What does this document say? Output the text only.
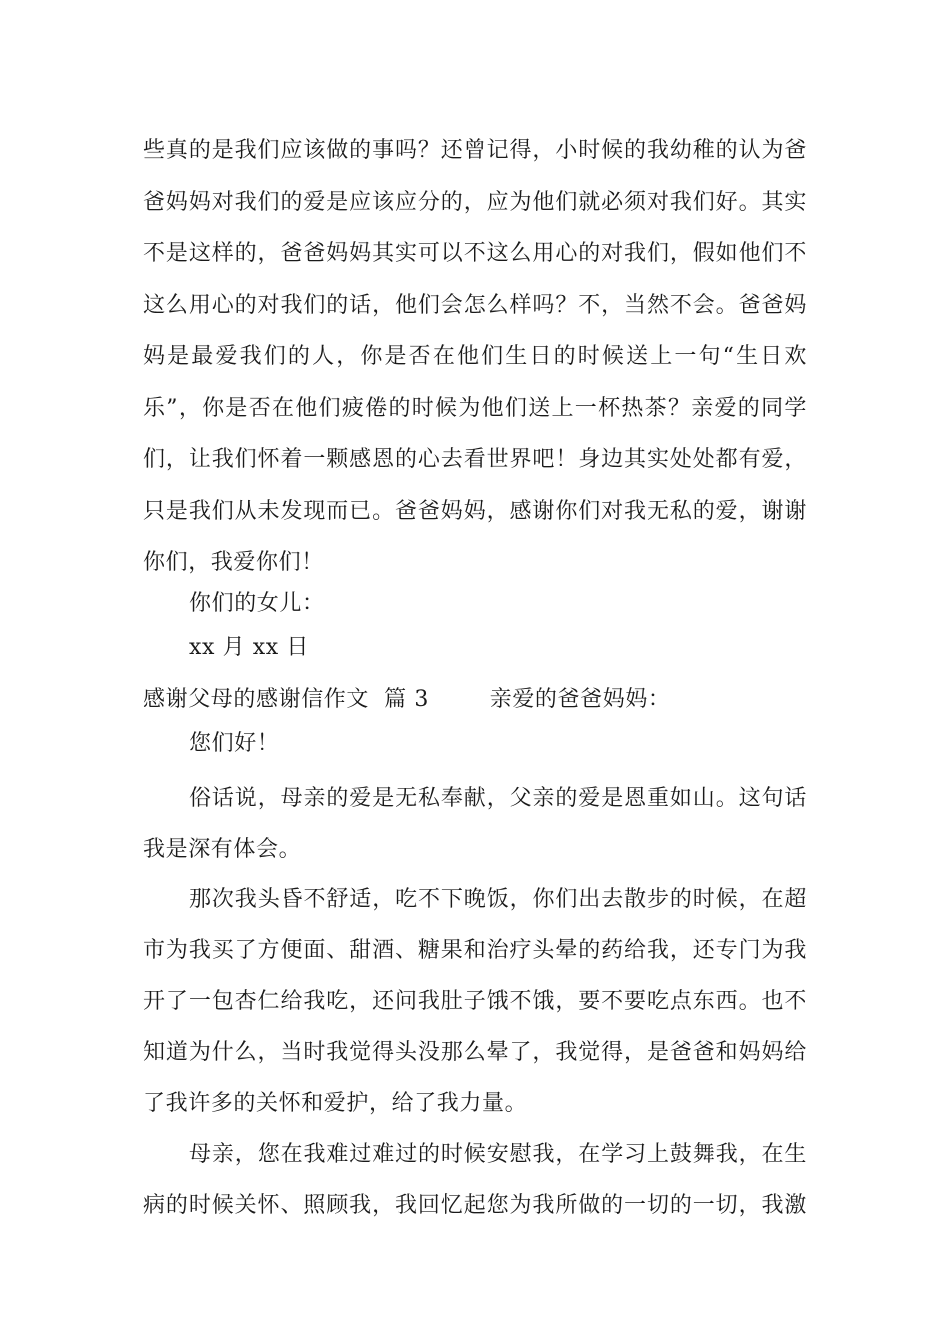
些真的是我们应该做的事吗？还曾记得，小时候的我幼稚的认为爸
爸妈妈对我们的爱是应该应分的，应为他们就必须对我们好。其实
不是这样的，爸爸妈妈其实可以不这么用心的对我们，假如他们不
这么用心的对我们的话，他们会怎么样吗？不，当然不会。爸爸妈
妈是最爱我们的人，你是否在他们生日的时候送上一句“生日欢
乐”，你是否在他们疲倦的时候为他们送上一杯热茶？亲爱的同学
们，让我们怀着一颗感恩的心去看世界吧！身边其实处处都有爱，
只是我们从未发现而已。爸爸妈妈，感谢你们对我无私的爱，谢谢
你们，我爱你们！
你们的女儿：
xx 月 xx 日
感谢父母的感谢信作文  篇 3        亲爱的爸爸妈妈：
您们好！
俗话说，母亲的爱是无私奉献，父亲的爱是恩重如山。这句话
我是深有体会。
那次我头昏不舒适，吃不下晚饭，你们出去散步的时候，在超
市为我买了方便面、甜酒、糖果和治疗头晕的药给我，还专门为我
开了一包杏仁给我吃，还问我肚子饿不饿，要不要吃点东西。也不
知道为什么，当时我觉得头没那么晕了，我觉得，是爸爸和妈妈给
了我许多的关怀和爱护，给了我力量。
母亲，您在我难过难过的时候安慰我，在学习上鼓舞我，在生
病的时候关怀、照顾我，我回忆起您为我所做的一切的一切，我激
